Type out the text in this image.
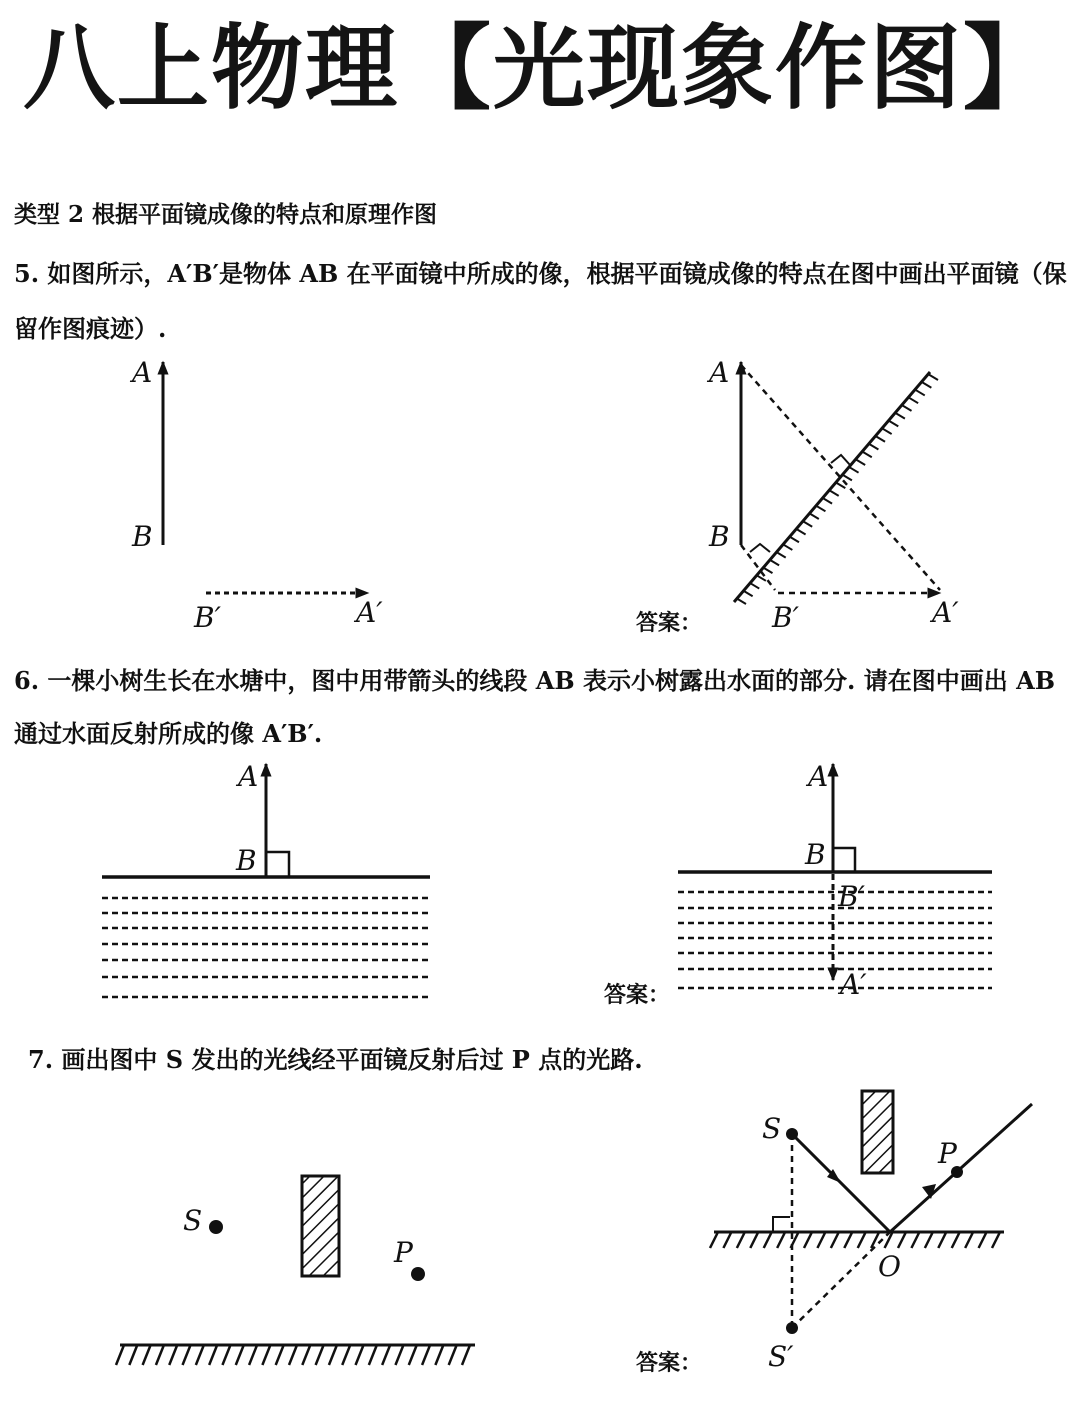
八上物理【光现象作图】
类型 2 根据平面镜成像的特点和原理作图
5. 如图所示，A′B′是物体 AB 在平面镜中所成的像，根据平面镜成像的特点在图中画出平面镜（保
留作图痕迹）.
6. 一棵小树生长在水塘中，图中用带箭头的线段 AB 表示小树露出水面的部分. 请在图中画出 AB
通过水面反射所成的像 A′B′.
7. 画出图中 S 发出的光线经平面镜反射后过 P 点的光路.
答案：
答案：
答案：
A
B
B′	A′
A
B
B′	A′
A
B
A
B
B′
A′
S
P
S
P
O
S′
